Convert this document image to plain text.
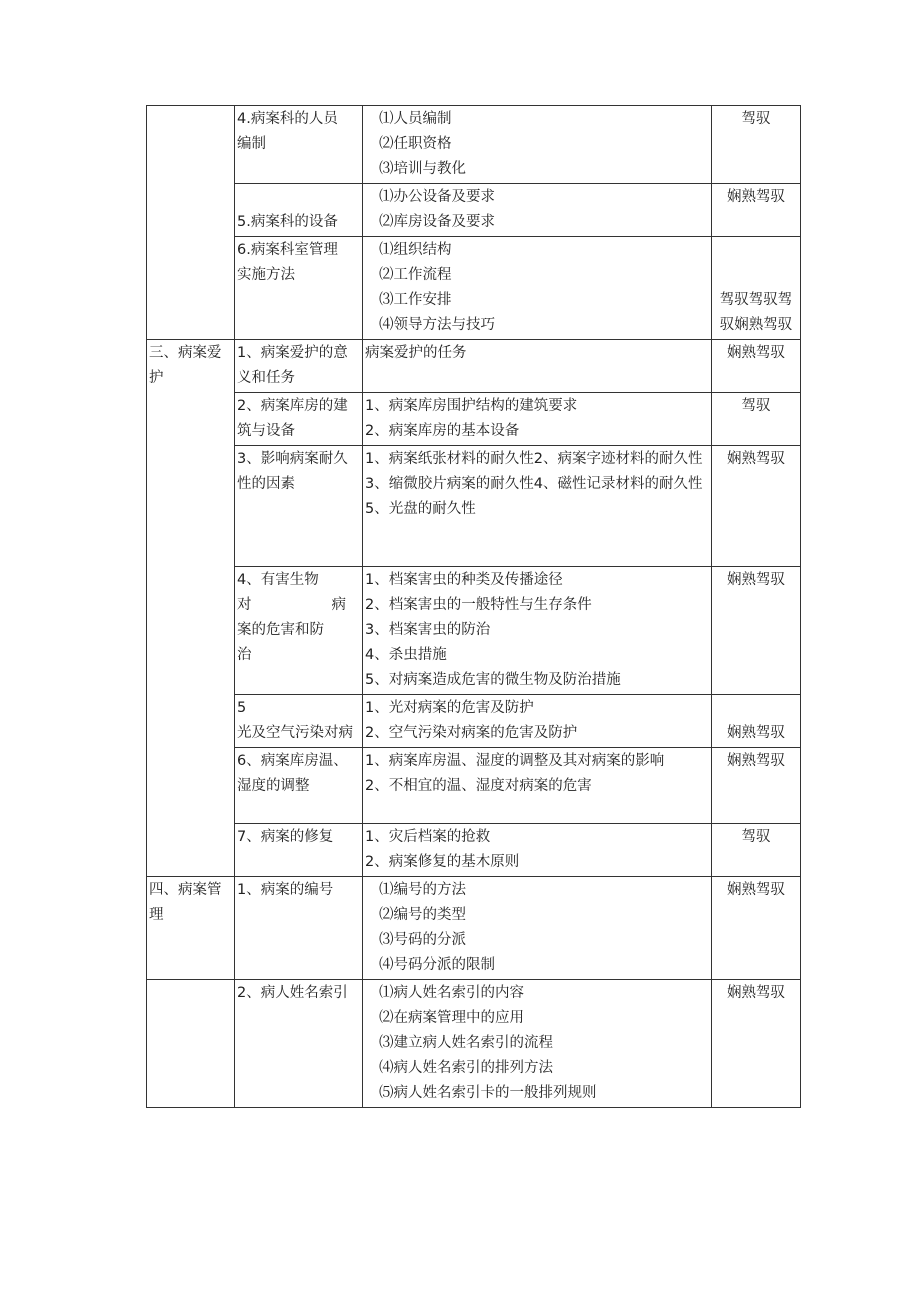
	4.病案科的人员
编制	⑴人员编制
⑵任职资格
⑶培训与教化	驾驭

	5.病案科的设备	⑴办公设备及要求
⑵库房设备及要求	娴熟驾驭

	6.病案科室管理
实施方法	⑴组织结构
⑵工作流程
⑶工作安排
⑷领导方法与技巧	驾驭驾驭驾
驭娴熟驾驭

三、病案爱护	1、病案爱护的意义和任务	病案爱护的任务	娴熟驾驭

	2、病案库房的建筑与设备	1、病案库房围护结构的建筑要求
2、病案库房的基本设备	驾驭

	3、影响病案耐久性的因素	1、病案纸张材料的耐久性2、病案字迹材料的耐久性3、缩微胶片病案的耐久性4、磁性记录材料的耐久性5、光盘的耐久性	娴熟驾驭

	4、有害生物
对 病
案的危害和防
治	1、档案害虫的种类及传播途径
2、档案害虫的一般特性与生存条件
3、档案害虫的防治
4、杀虫措施
5、对病案造成危害的微生物及防治措施	娴熟驾驭

	5
光及空气污染对病	1、光对病案的危害及防护
2、空气污染对病案的危害及防护	娴熟驾驭

	6、病案库房温、湿度的调整	1、病案库房温、湿度的调整及其对病案的影响
2、不相宜的温、湿度对病案的危害	娴熟驾驭

	7、病案的修复	1、灾后档案的抢救
2、病案修复的基木原则	驾驭

四、病案管理	1、病案的编号	⑴编号的方法
⑵编号的类型
⑶号码的分派
⑷号码分派的限制	娴熟驾驭

	2、病人姓名索引	⑴病人姓名索引的内容
⑵在病案管理中的应用
⑶建立病人姓名索引的流程
⑷病人姓名索引的排列方法
⑸病人姓名索引卡的一般排列规则	娴熟驾驭
